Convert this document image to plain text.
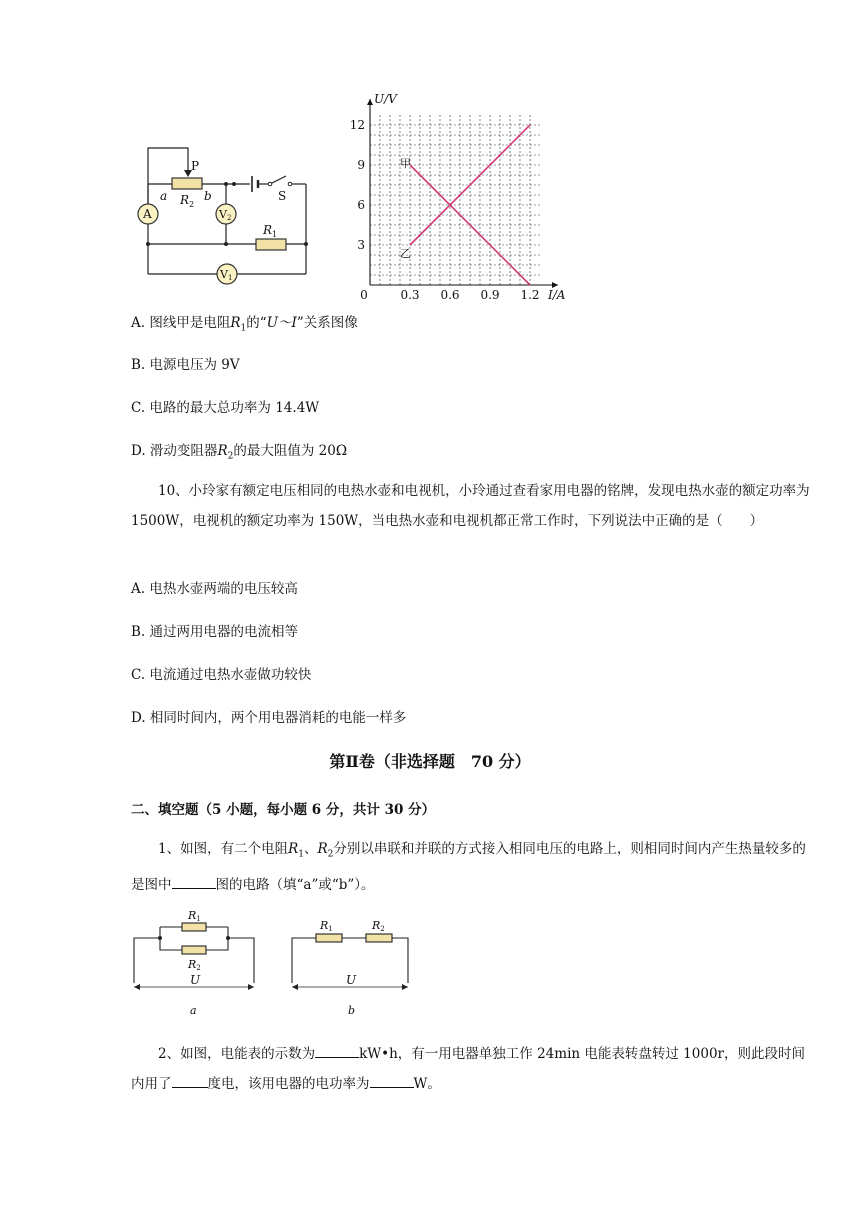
A	V2
V1
P
a	b
$R_2$
$R_1$
S
I/A
U/V
0	0.3 0.6 0.9 1.2
3
6
9
12
甲
乙
A. 图线甲是电阻$R_1$的“U～I”关系图像
B. 电源电压为 9V
C. 电路的最大总功率为 14.4W
D. 滑动变阻器$R_2$的最大阻值为 20Ω
10、小玲家有额定电压相同的电热水壶和电视机，小玲通过查看家用电器的铭牌，发现电热水壶的额定功率为 1500W，电视机的额定功率为 150W，当电热水壶和电视机都正常工作时，下列说法中正确的是（　　）
A. 电热水壶两端的电压较高
B. 通过两用电器的电流相等
C. 电流通过电热水壶做功较快
D. 相同时间内，两个用电器消耗的电能一样多
第Ⅱ卷（非选择题　70 分）
二、填空题（5 小题，每小题 6 分，共计 30 分）
1、如图，有二个电阻$R_1$、$R_2$分别以串联和并联的方式接入相同电压的电路上，则相同时间内产生热量较多的是图中	图的电路（填“a”或“b”）。
R1
R2
U
a
R1	R2
U
b
2、如图，电能表的示数为	kW•h，有一用电器单独工作 24min 电能表转盘转过 1000r，则此段时间内用了	度电，该用电器的电功率为	W。
